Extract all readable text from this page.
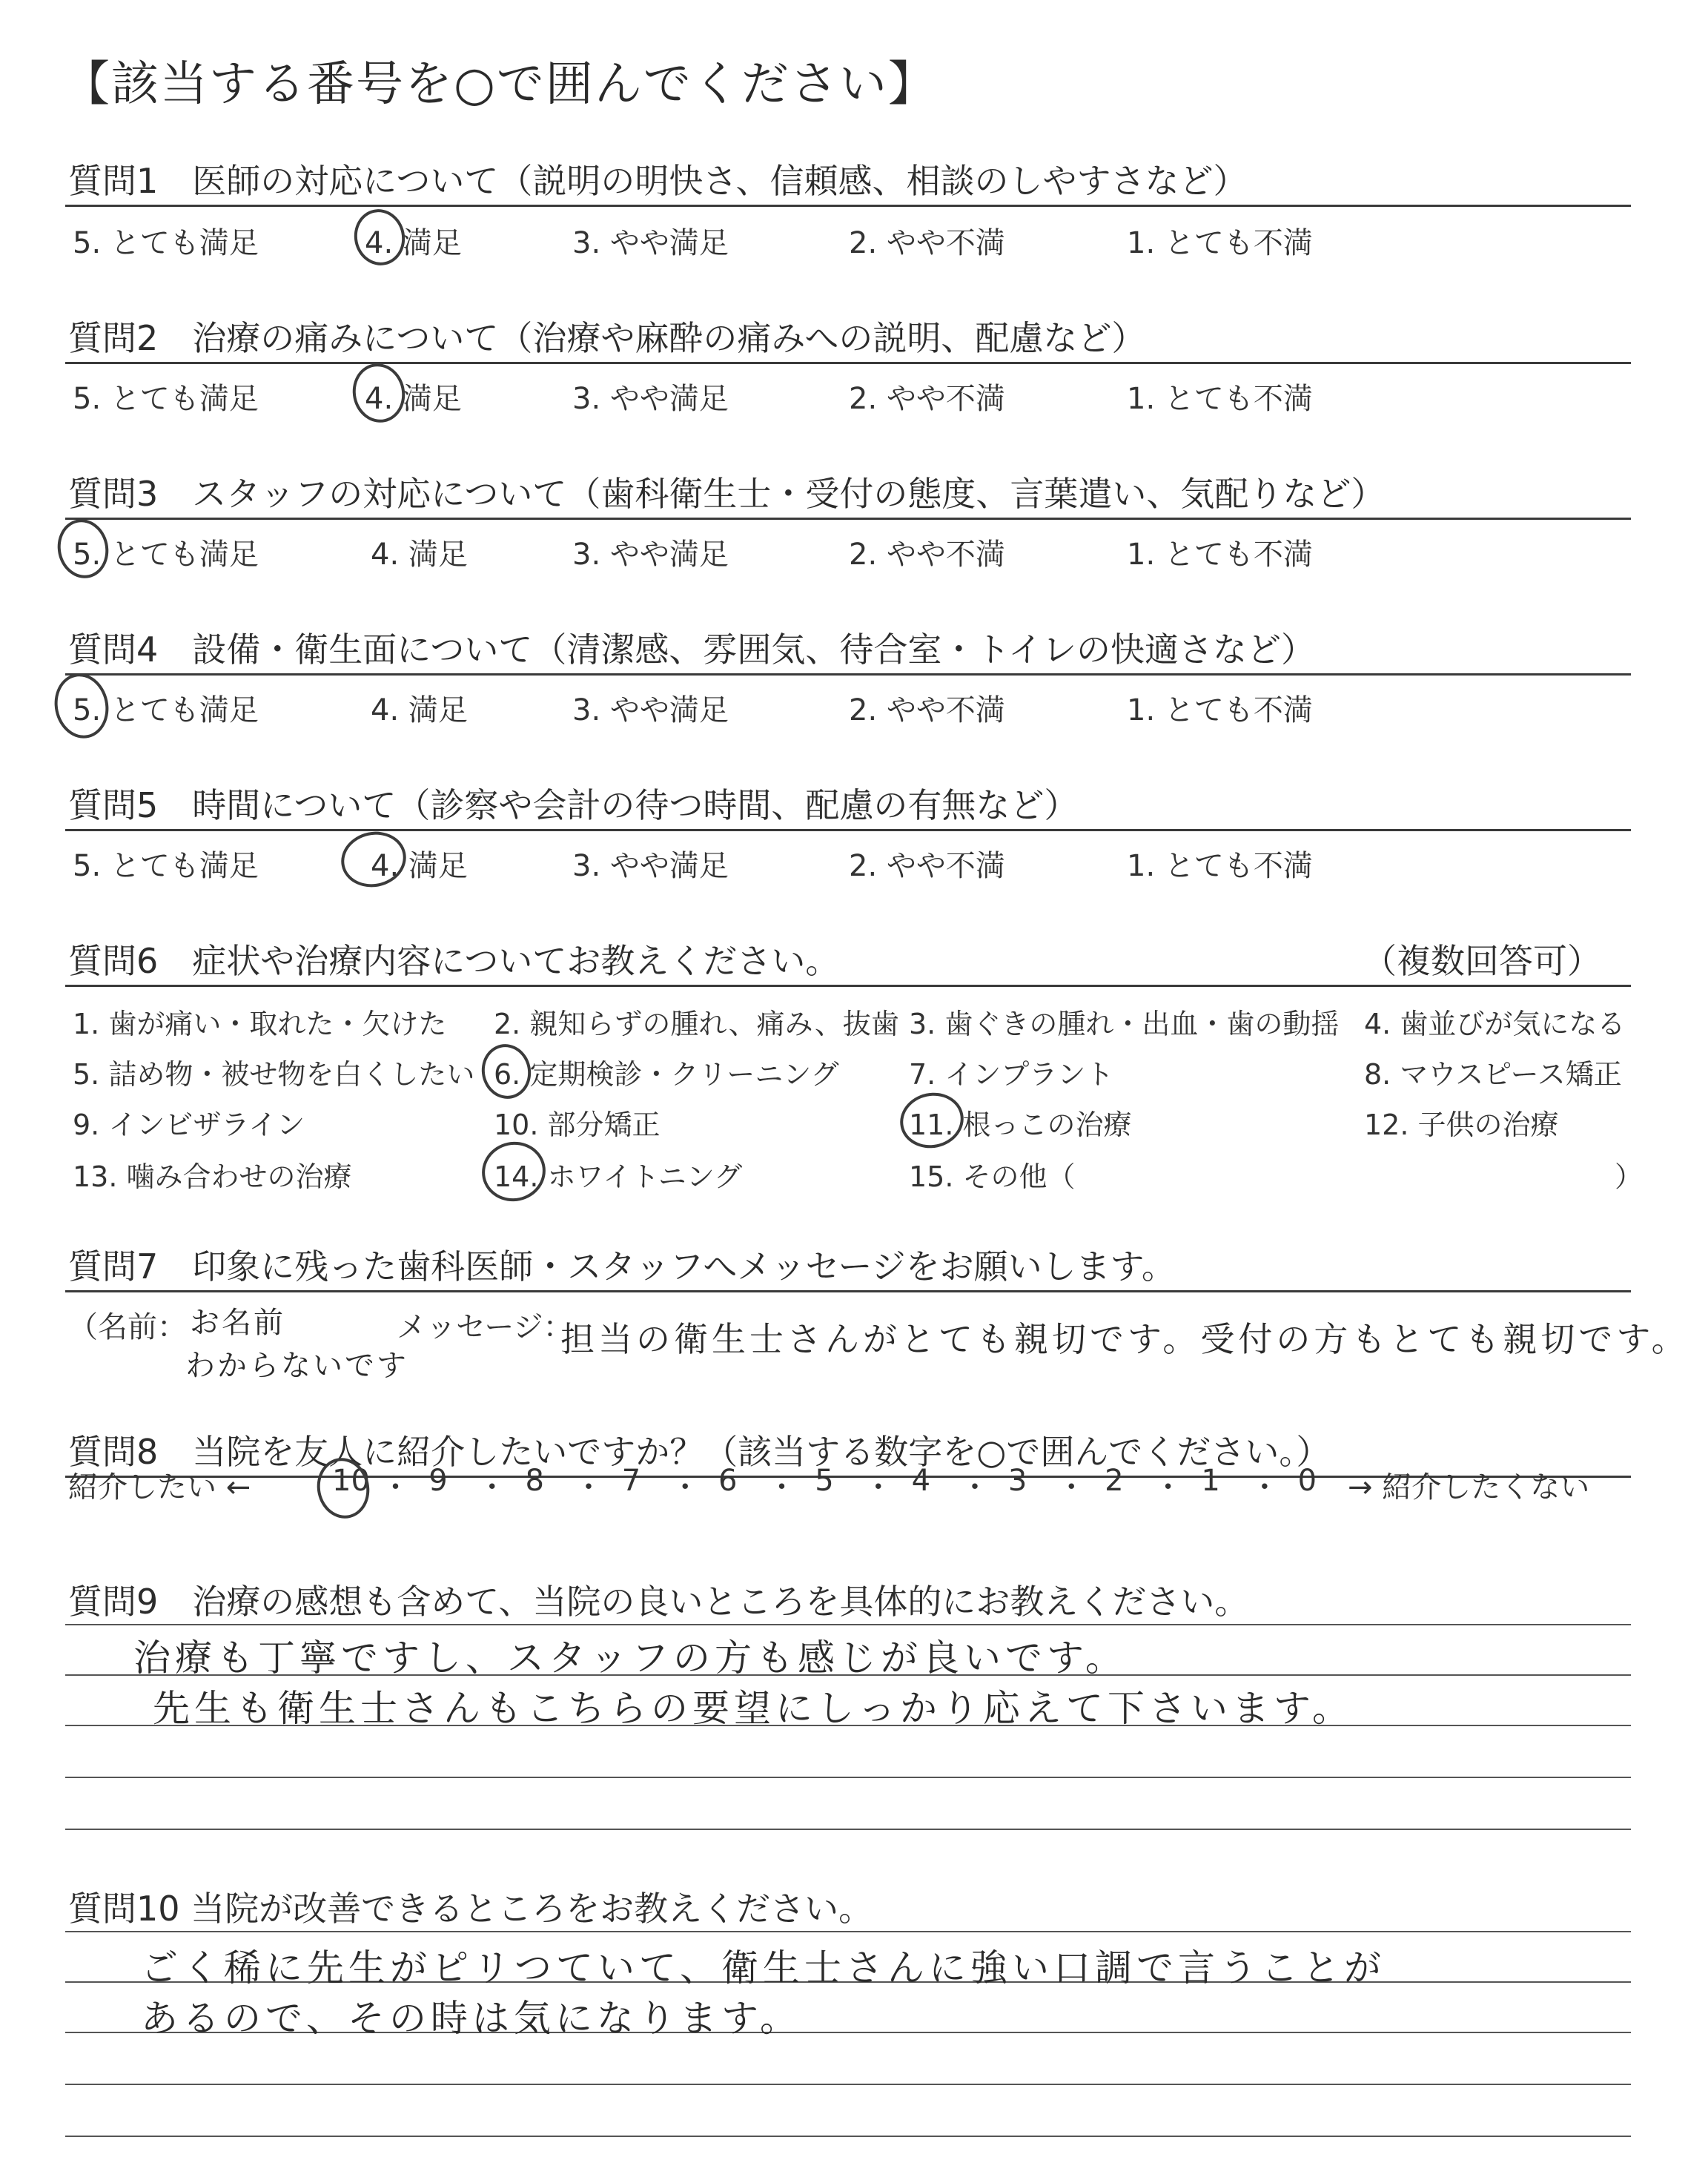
【該当する番号を○で囲んでください】
質問1　医師の対応について（説明の明快さ、信頼感、相談のしやすさなど）
5. とても満足	4. 満足	3. やや満足	2. やや不満	1. とても不満
質問2　治療の痛みについて（治療や麻酔の痛みへの説明、配慮など）
5. とても満足	4. 満足	3. やや満足	2. やや不満	1. とても不満
質問3　スタッフの対応について（歯科衛生士・受付の態度、言葉遣い、気配りなど）
5. とても満足	4. 満足	3. やや満足	2. やや不満	1. とても不満
質問4　設備・衛生面について（清潔感、雰囲気、待合室・トイレの快適さなど）
5. とても満足	4. 満足	3. やや満足	2. やや不満	1. とても不満
質問5　時間について（診察や会計の待つ時間、配慮の有無など）
5. とても満足	4. 満足	3. やや満足	2. やや不満	1. とても不満
質問6　症状や治療内容についてお教えください。	（複数回答可）
1. 歯が痛い・取れた・欠けた 2. 親知らずの腫れ、痛み、抜歯 3. 歯ぐきの腫れ・出血・歯の動揺 4. 歯並びが気になる
5. 詰め物・被せ物を白くしたい 6. 定期検診・クリーニング 7. インプラント	8. マウスピース矯正
9. インビザライン	10. 部分矯正	11. 根っこの治療	12. 子供の治療
13. 噛み合わせの治療	14. ホワイトニング	15. その他（	）
質問7　印象に残った歯科医師・スタッフへメッセージをお願いします。
（名前：	メッセージ：
お名前
わからないです
担当の衛生士さんがとても親切です。受付の方もとても親切です。
質問8　当院を友人に紹介したいですか？（該当する数字を○で囲んでください。）
紹介したい ←	10 ・ 9 ・ 8 ・ 7 ・ 6 ・ 5 ・ 4 ・ 3 ・ 2 ・ 1 ・ 0 → 紹介したくない
質問9　治療の感想も含めて、当院の良いところを具体的にお教えください。
治療も丁寧ですし、スタッフの方も感じが良いです。
先生も衛生士さんもこちらの要望にしっかり応えて下さいます。
質問10 当院が改善できるところをお教えください。
ごく稀に先生がピリつていて、衛生士さんに強い口調で言うことが
あるので、その時は気になります。
